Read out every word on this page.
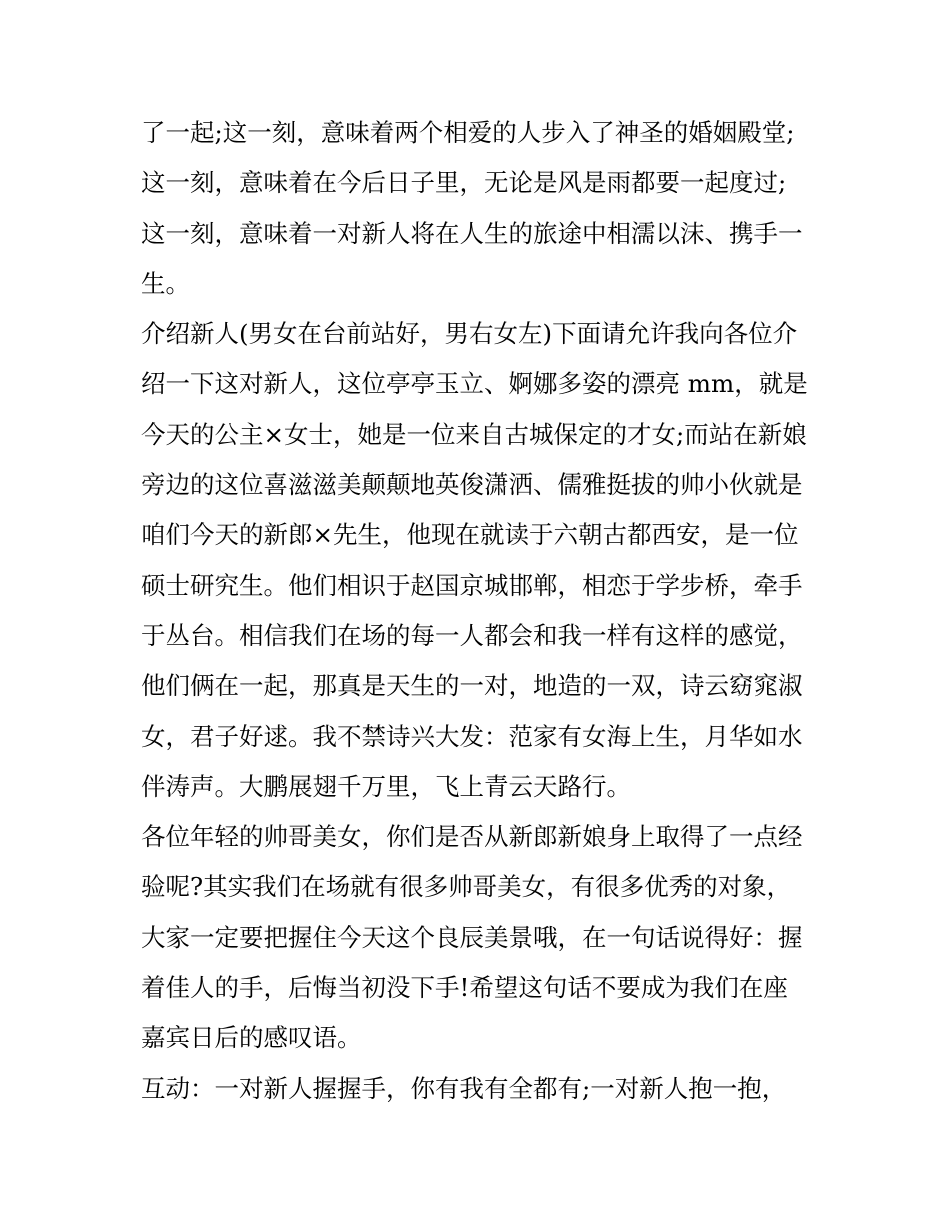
了一起;这一刻，意味着两个相爱的人步入了神圣的婚姻殿堂;
这一刻，意味着在今后日子里，无论是风是雨都要一起度过;
这一刻，意味着一对新人将在人生的旅途中相濡以沫、携手一
生。
介绍新人(男女在台前站好，男右女左)下面请允许我向各位介
绍一下这对新人，这位亭亭玉立、婀娜多姿的漂亮 mm，就是
今天的公主×女士，她是一位来自古城保定的才女;而站在新娘
旁边的这位喜滋滋美颠颠地英俊潇洒、儒雅挺拔的帅小伙就是
咱们今天的新郎×先生，他现在就读于六朝古都西安，是一位
硕士研究生。他们相识于赵国京城邯郸，相恋于学步桥，牵手
于丛台。相信我们在场的每一人都会和我一样有这样的感觉，
他们俩在一起，那真是天生的一对，地造的一双，诗云窈窕淑
女，君子好逑。我不禁诗兴大发：范家有女海上生，月华如水
伴涛声。大鹏展翅千万里，飞上青云天路行。
各位年轻的帅哥美女，你们是否从新郎新娘身上取得了一点经
验呢?其实我们在场就有很多帅哥美女，有很多优秀的对象，
大家一定要把握住今天这个良辰美景哦，在一句话说得好：握
着佳人的手，后悔当初没下手!希望这句话不要成为我们在座
嘉宾日后的感叹语。
互动：一对新人握握手，你有我有全都有;一对新人抱一抱，
